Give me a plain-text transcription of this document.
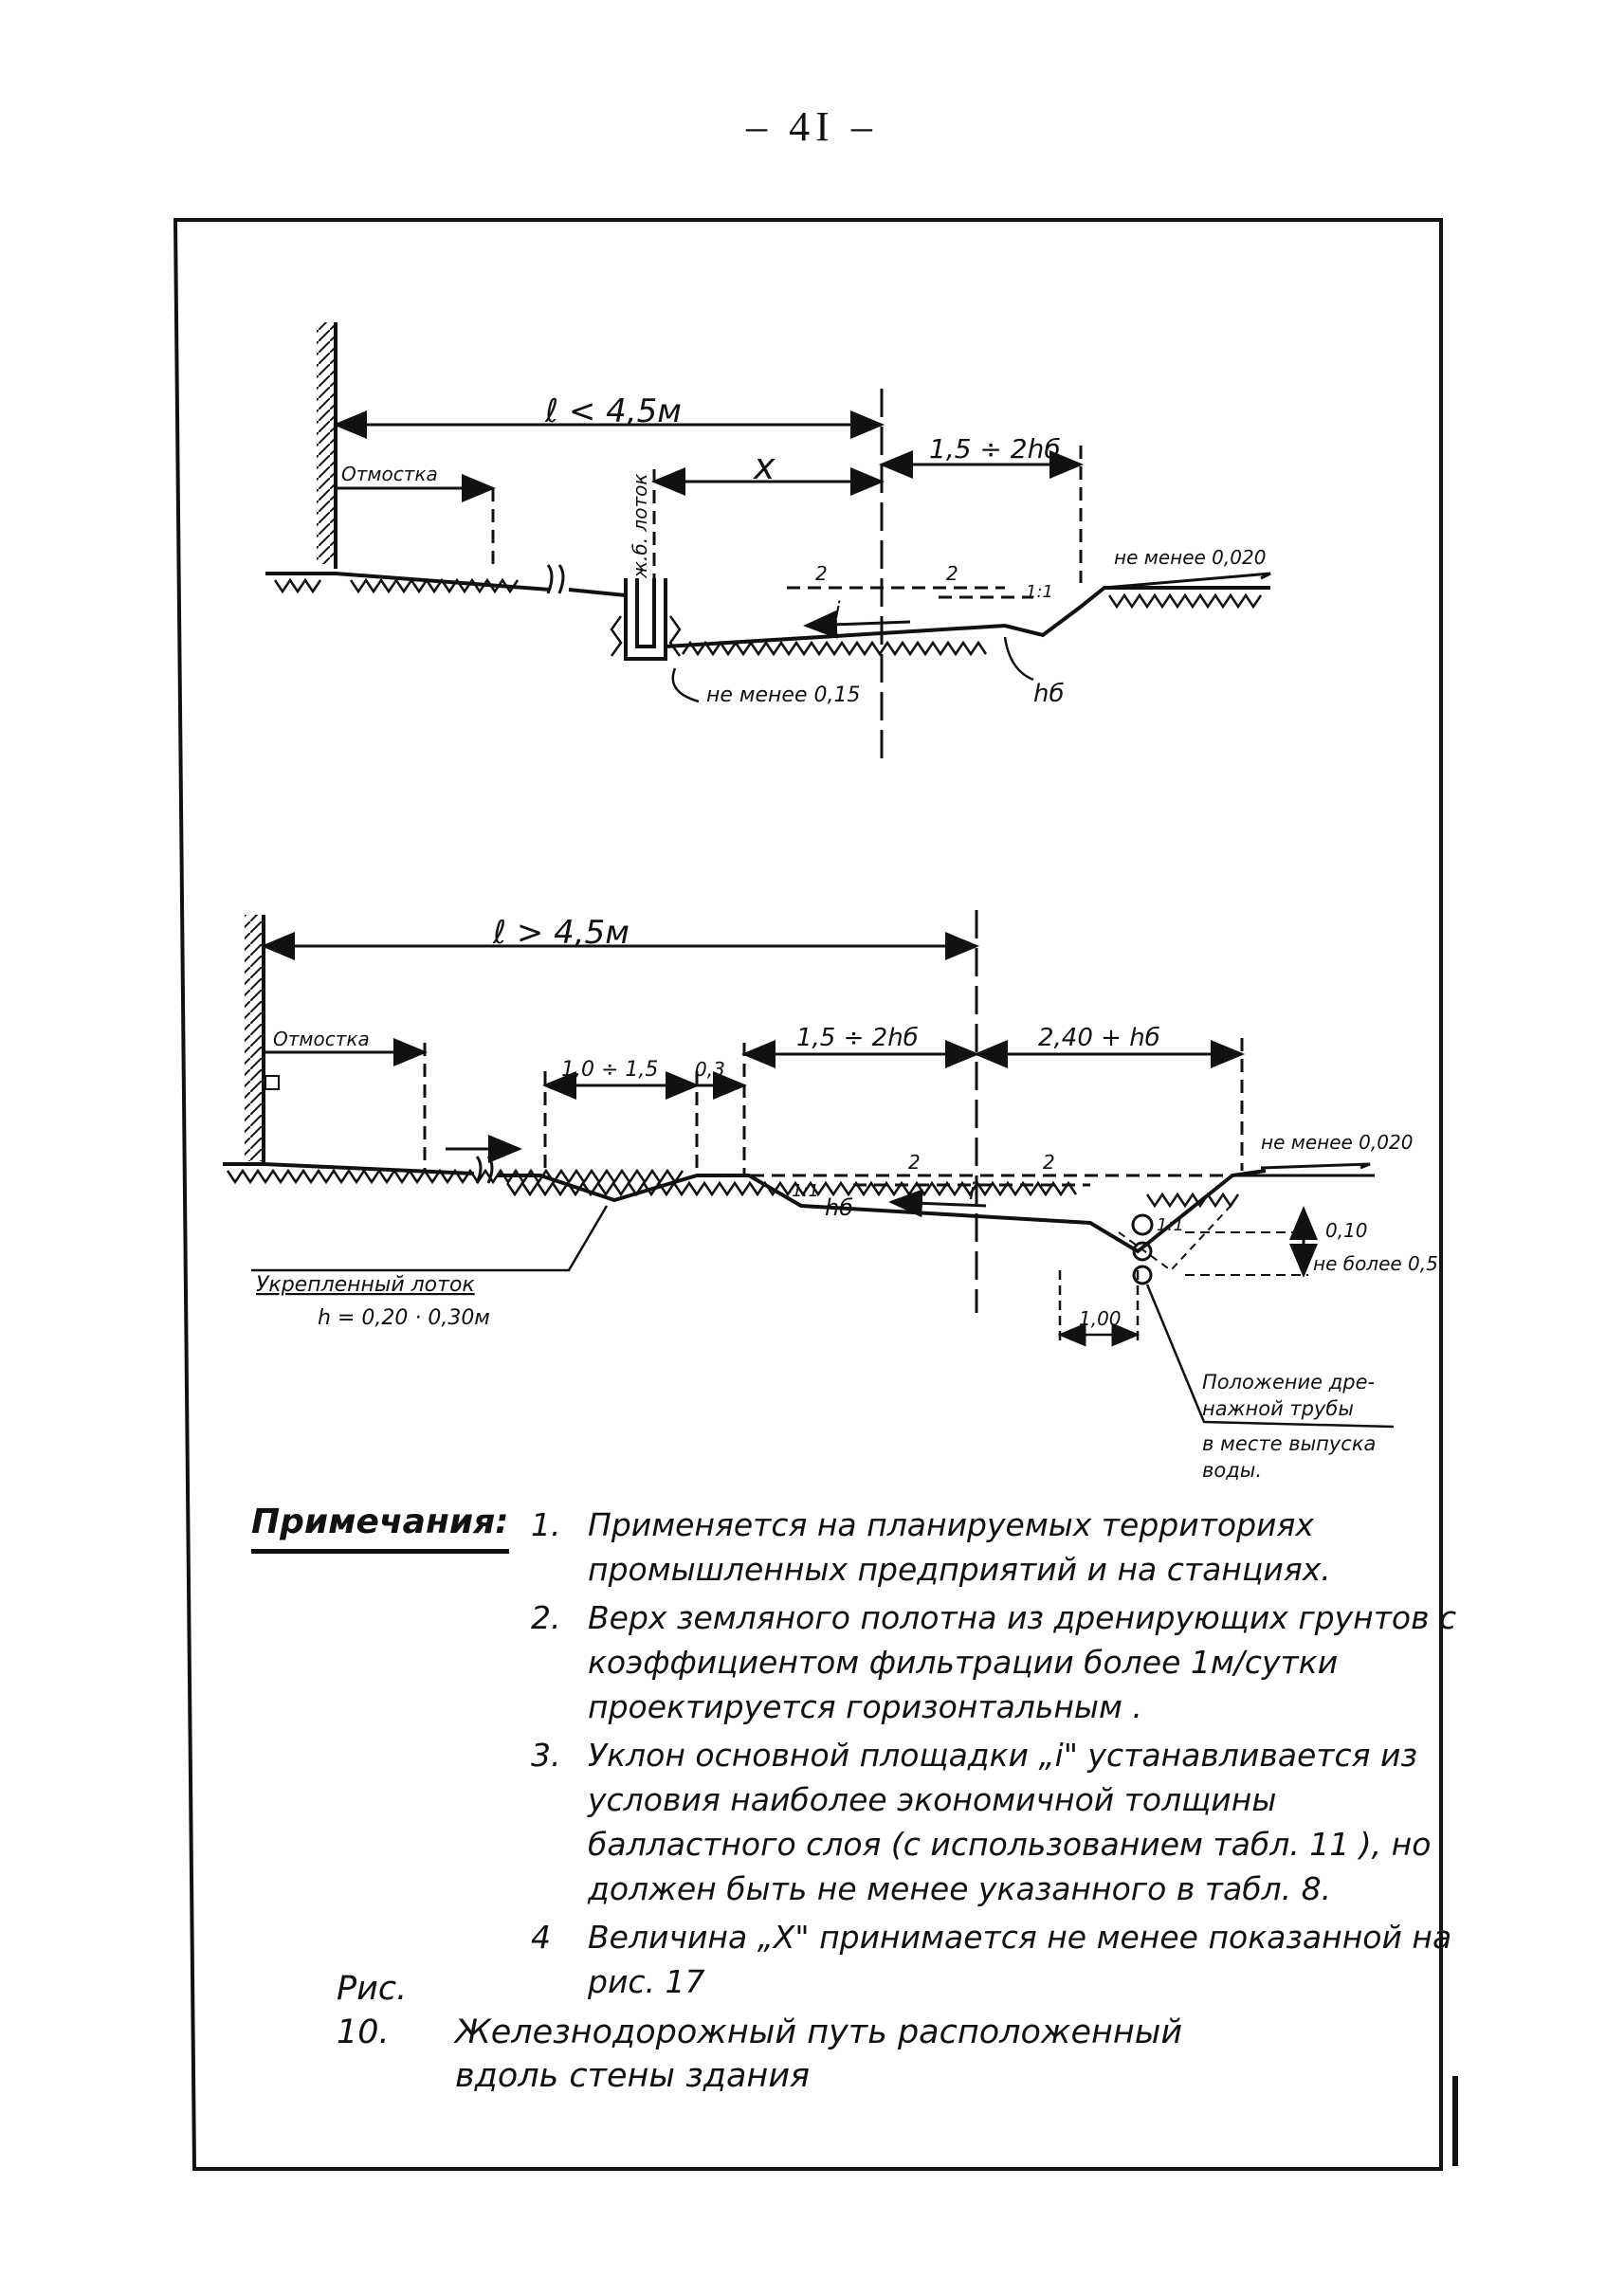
– 4I –
ℓ < 4,5м
Отмостка	x	1,5 ÷ 2hб
не менее 0,020
ж.б. лоток
не менее 0,15	hб
i
1:1
2	2
ℓ > 4,5м
Отмостка
1,0 ÷ 1,5 0,3
1,5 ÷ 2hб	2,40 + hб
не менее 0,020
hб
i
1:1
1:1
2	2
0,10
не более 0,5
1,00
Укрепленный лоток
h = 0,20 · 0,30м
Положение дре-
нажной трубы
в месте выпуска
воды.
Примечания: 1. Применяется на планируемых территориях промышленных предприятий и на станциях.
2. Верх земляного полотна из дренирующих грунтов с коэффициентом фильтрации более 1м/сутки проектируется горизонтальным .
3. Уклон основной площадки „i" устанавливается из условия наиболее экономичной толщины балластного слоя (с использованием табл. 11 ), но должен быть не менее указанного в табл. 8.
4 Величина „X" принимается не менее показанной на рис. 17
Рис. 10. Железнодорожный путь расположенный
вдоль стены здания
